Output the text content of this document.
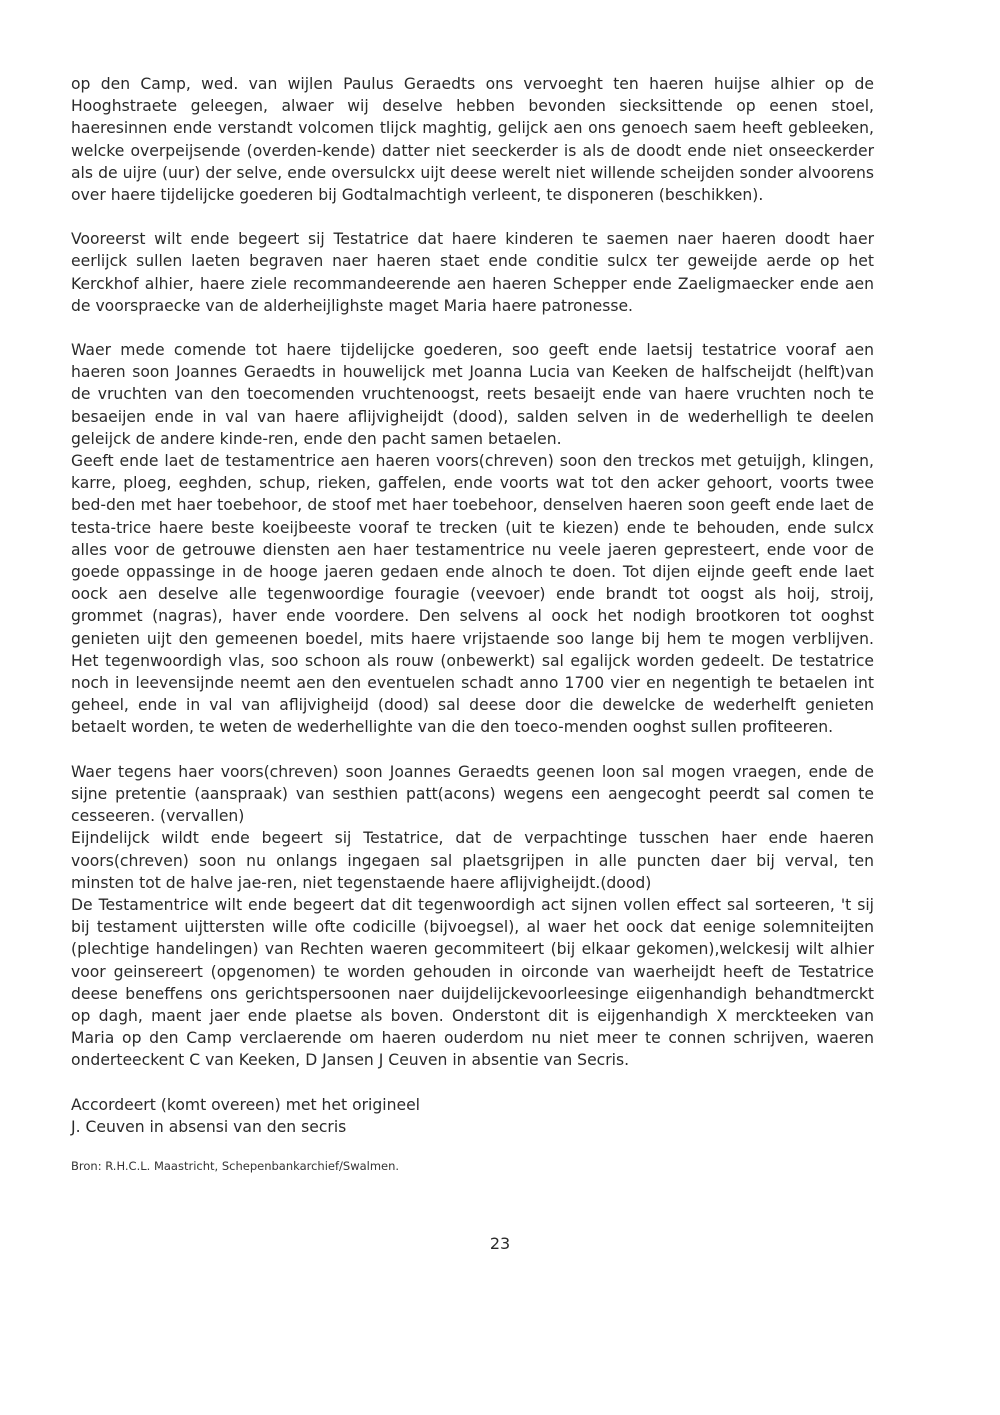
op den Camp, wed. van wijlen Paulus Geraedts ons vervoeght ten haeren huijse alhier op de Hooghstraete geleegen, alwaer wij deselve hebben bevonden siecksittende op eenen stoel, haeresinnen ende verstandt volcomen tlijck maghtig, gelijck aen ons genoech saem heeft gebleeken, welcke overpeijsende (overden-kende) datter niet seeckerder is als de doodt ende niet onseeckerder als de uijre (uur) der selve, ende oversulckx uijt deese werelt niet willende scheijden sonder alvoorens over haere tijdelijcke goederen bij Godtalmachtigh verleent, te disponeren (beschikken).

Vooreerst wilt ende begeert sij Testatrice dat haere kinderen te saemen naer haeren doodt haer eerlijck sullen laeten begraven naer haeren staet ende conditie sulcx ter geweijde aerde op het Kerckhof alhier, haere ziele recommandeerende aen haeren Schepper ende Zaeligmaecker ende aen de voorspraecke van de alderheijlighste maget Maria haere patronesse.

Waer mede comende tot haere tijdelijcke goederen, soo geeft ende laetsij testatrice vooraf aen haeren soon Joannes Geraedts in houwelijck met Joanna Lucia van Keeken de halfscheijdt (helft)van de vruchten van den toecomenden vruchtenoogst, reets besaeijt ende van haere vruchten noch te besaeijen ende in val van haere aflijvigheijdt (dood), salden selven in de wederhelligh te deelen geleijck de andere kinde-ren, ende den pacht samen betaelen.
Geeft ende laet de testamentrice aen haeren voors(chreven) soon den treckos met getuijgh, klingen, karre, ploeg, eeghden, schup, rieken, gaffelen, ende voorts wat tot den acker gehoort, voorts twee bed-den met haer toebehoor, de stoof met haer toebehoor, denselven haeren soon geeft ende laet de testa-trice haere beste koeijbeeste vooraf te trecken (uit te kiezen) ende te behouden, ende sulcx alles voor de getrouwe diensten aen haer testamentrice nu veele jaeren gepresteert, ende voor de goede oppassinge in de hooge jaeren gedaen ende alnoch te doen. Tot dijen eijnde geeft ende laet oock aen deselve alle tegenwoordige fouragie (veevoer) ende brandt tot oogst als hoij, stroij, grommet (nagras), haver ende voordere. Den selvens al oock het nodigh brootkoren tot ooghst genieten uijt den gemeenen boedel, mits haere vrijstaende soo lange bij hem te mogen verblijven. Het tegenwoordigh vlas, soo schoon als rouw (onbewerkt) sal egalijck worden gedeelt. De testatrice noch in leevensijnde neemt aen den eventuelen schadt anno 1700 vier en negentigh te betaelen int geheel, ende in val van aflijvigheijd (dood) sal deese door die dewelcke de wederhelft genieten betaelt worden, te weten de wederhellighte van die den toeco-menden ooghst sullen profiteeren.

Waer tegens haer voors(chreven) soon Joannes Geraedts geenen loon sal mogen vraegen, ende de sijne pretentie (aanspraak) van sesthien patt(acons) wegens een aengecoght peerdt sal comen te cesseeren. (vervallen)
Eijndelijck wildt ende begeert sij Testatrice, dat de verpachtinge tusschen haer ende haeren voors(chreven) soon nu onlangs ingegaen sal plaetsgrijpen in alle puncten daer bij verval, ten minsten tot de halve jae-ren, niet tegenstaende haere aflijvigheijdt.(dood)
De Testamentrice wilt ende begeert dat dit tegenwoordigh act sijnen vollen effect sal sorteeren, 't sij bij testament uijttersten wille ofte codicille (bijvoegsel), al waer het oock dat eenige solemniteijten (plechtige handelingen) van Rechten waeren gecommiteert (bij elkaar gekomen),welckesij wilt alhier voor geinsereert (opgenomen) te worden gehouden in oirconde van waerheijdt heeft de Testatrice deese beneffens ons gerichtspersoonen naer duijdelijckevoorleesinge eiigenhandigh behandtmerckt op dagh, maent jaer ende plaetse als boven. Onderstont dit is eijgenhandigh X merckteeken van Maria op den Camp verclaerende om haeren ouderdom nu niet meer te connen schrijven, waeren onderteeckent C van Keeken, D Jansen J Ceuven in absentie van Secris.

Accordeert (komt overeen) met het origineel
J. Ceuven in absensi van den secris

Bron: R.H.C.L. Maastricht, Schepenbankarchief/Swalmen.

23
